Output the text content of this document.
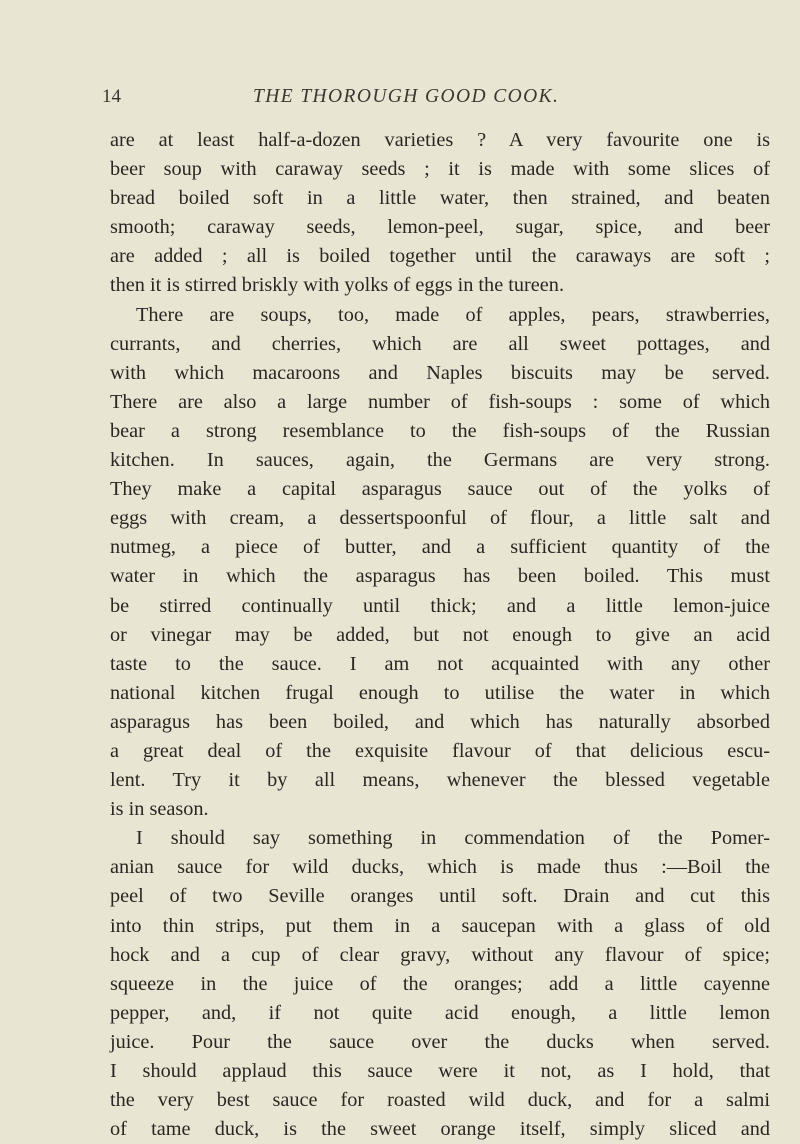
14	THE THOROUGH GOOD COOK.
are at least half-a-dozen varieties ? A very favourite one is
beer soup with caraway seeds ; it is made with some slices of
bread boiled soft in a little water, then strained, and beaten
smooth; caraway seeds, lemon-peel, sugar, spice, and beer
are added ; all is boiled together until the caraways are soft ;
then it is stirred briskly with yolks of eggs in the tureen.
There are soups, too, made of apples, pears, strawberries,
currants, and cherries, which are all sweet pottages, and
with which macaroons and Naples biscuits may be served.
There are also a large number of fish-soups : some of which
bear a strong resemblance to the fish-soups of the Russian
kitchen. In sauces, again, the Germans are very strong.
They make a capital asparagus sauce out of the yolks of
eggs with cream, a dessertspoonful of flour, a little salt and
nutmeg, a piece of butter, and a sufficient quantity of the
water in which the asparagus has been boiled. This must
be stirred continually until thick; and a little lemon-juice
or vinegar may be added, but not enough to give an acid
taste to the sauce. I am not acquainted with any other
national kitchen frugal enough to utilise the water in which
asparagus has been boiled, and which has naturally absorbed
a great deal of the exquisite flavour of that delicious escu-
lent. Try it by all means, whenever the blessed vegetable
is in season.
I should say something in commendation of the Pomer-
anian sauce for wild ducks, which is made thus :—Boil the
peel of two Seville oranges until soft. Drain and cut this
into thin strips, put them in a saucepan with a glass of old
hock and a cup of clear gravy, without any flavour of spice;
squeeze in the juice of the oranges; add a little cayenne
pepper, and, if not quite acid enough, a little lemon
juice. Pour the sauce over the ducks when served.
I should applaud this sauce were it not, as I hold, that
the very best sauce for roasted wild duck, and for a salmi
of tame duck, is the sweet orange itself, simply sliced and
